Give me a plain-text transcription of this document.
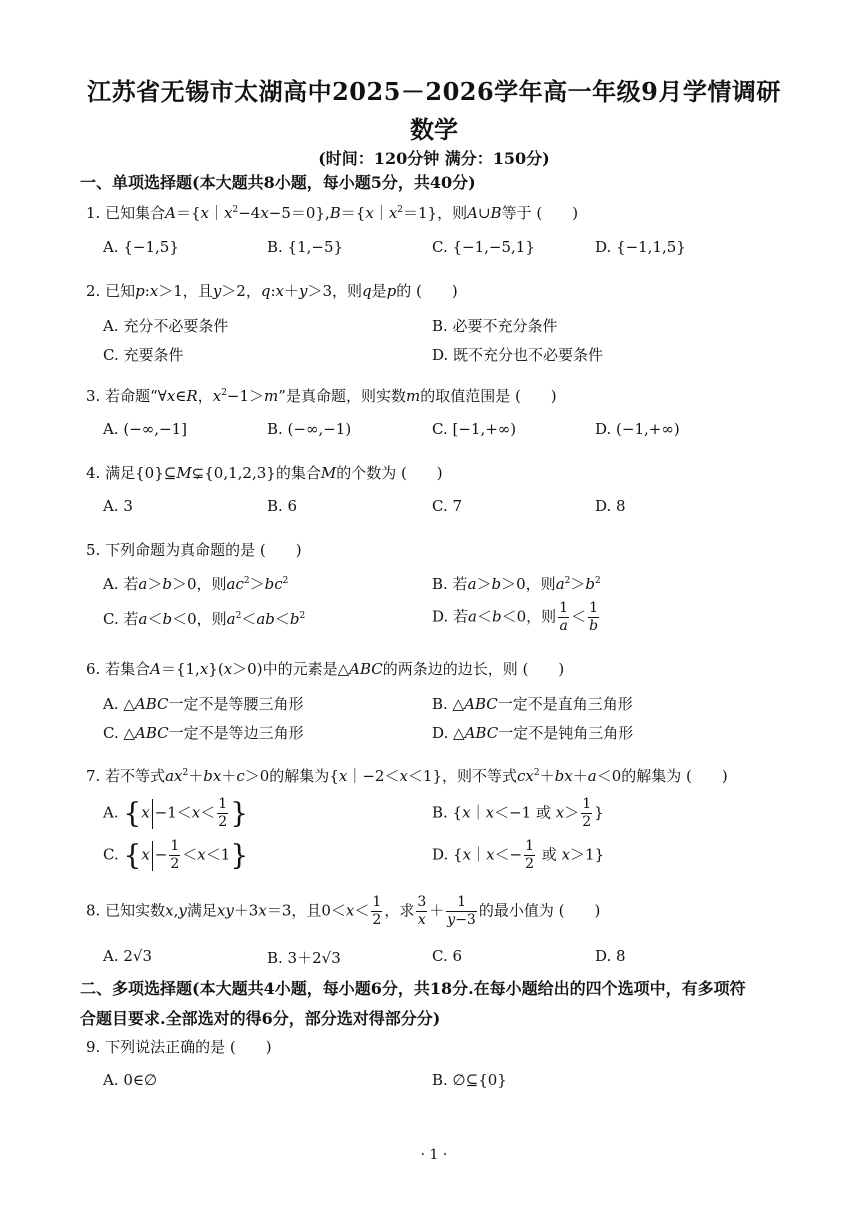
江苏省无锡市太湖高中2025－2026学年高一年级9月学情调研
数学
(时间：120分钟 满分：150分)
一、单项选择题(本大题共8小题，每小题5分，共40分)
1. 已知集合$A=\{x|x^2-4x-5=0\},B=\{x|x^2=1\}$，则A∪B等于 (　　)
A. {−1,5}	B. {1,−5}	C. {−1,−5,1}	D. {−1,1,5}
2. 已知p:x＞1，且y＞2，q:x＋y＞3，则q是p的 (　　)
A. 充分不必要条件	B. 必要不充分条件
C. 充要条件	D. 既不充分也不必要条件
3. 若命题“∀x∈R，$x^2-1>m$”是真命题，则实数m的取值范围是 (　　)
A. (−∞,−1]	B. (−∞,−1)	C. [−1,+∞)	D. (−1,+∞)
4. 满足{0}⊆M⊊{0,1,2,3}的集合M的个数为 (　　)
A. 3	B. 6	C. 7	D. 8
5. 下列命题为真命题的是 (　　)
A. 若a＞b＞0，则$ac^2>bc^2$	B. 若a＞b＞0，则$a^2>b^2$
C. 若a＜b＜0，则$a^2<ab<b^2$	D. 若a＜b＜0，则 $\frac{1}{a} < \frac{1}{b}$
6. 若集合A＝{1,x}(x＞0)中的元素是△ABC的两条边的边长，则 (　　)
A. △ABC一定不是等腰三角形	B. △ABC一定不是直角三角形
C. △ABC一定不是等边三角形	D. △ABC一定不是钝角三角形
7. 若不等式$ax^2+bx+c>0$的解集为{x｜−2＜x＜1}，则不等式$cx^2+bx+a<0$的解集为 (　　)
A. {$x -1<x< \frac{1}{2}$ }	B. {x｜x＜−1 或 $x> \frac{1}{2}$ }
C. $\{x - \frac{1}{2} <x<1\}$	D. {x｜x＜− $\frac{1}{2}$ 或 x＞1}
8. 已知实数x,y满足xy＋3x＝3，且$0<x< \frac{1}{2}$ ，求 $\frac{3}{x} + \frac{1}{y-3}$ 的最小值为 (　　)
A. 2√3	B. 3＋2√3	C. 6	D. 8
二、多项选择题(本大题共4小题，每小题6分，共18分.在每小题给出的四个选项中，有多项符
合题目要求.全部选对的得6分，部分选对得部分分)
9. 下列说法正确的是 (　　)
A. 0∈∅	B. ∅⊆{0}
· 1 ·
